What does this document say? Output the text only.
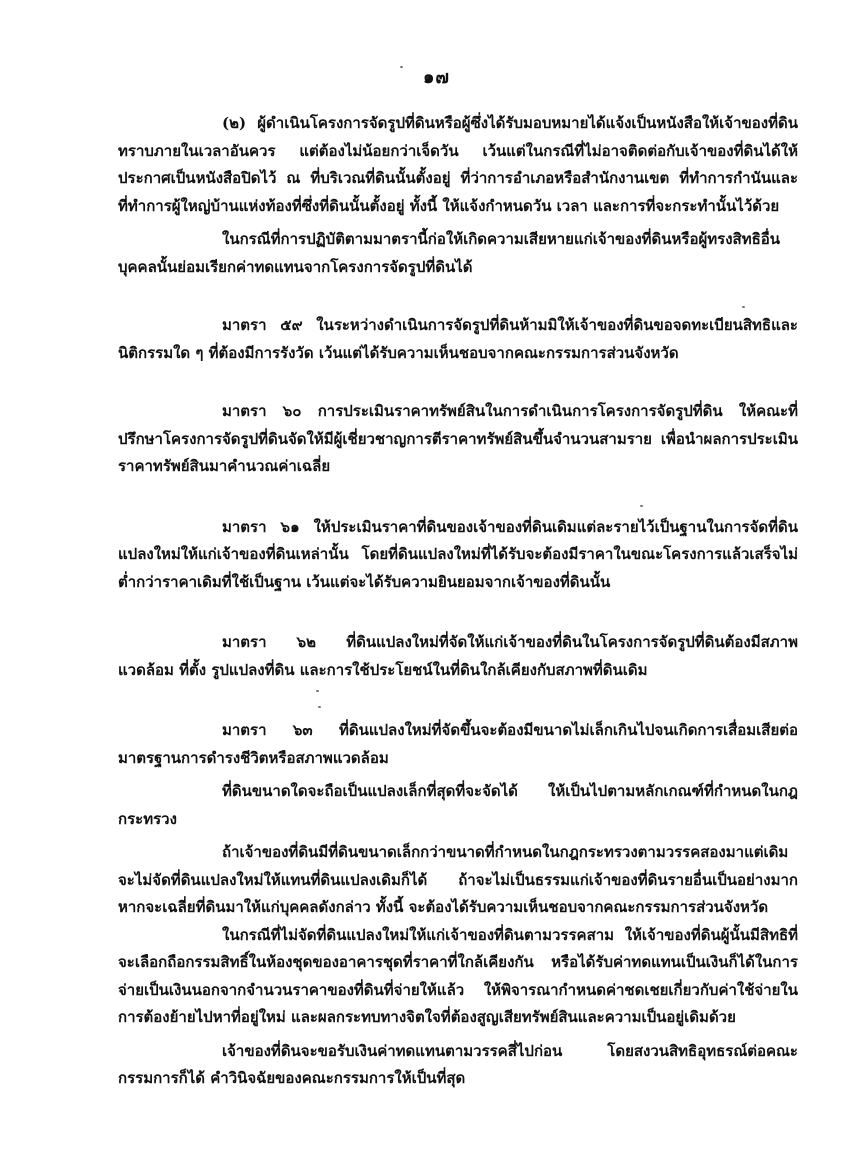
๑๗

(๒) ผู้ดำเนินโครงการจัดรูปที่ดินหรือผู้ซึ่งได้รับมอบหมายได้แจ้งเป็นหนังสือให้เจ้าของที่ดินทราบภายในเวลาอันควร แต่ต้องไม่น้อยกว่าเจ็ดวัน เว้นแต่ในกรณีที่ไม่อาจติดต่อกับเจ้าของที่ดินได้ให้ประกาศเป็นหนังสือปิดไว้ ณ ที่บริเวณที่ดินนั้นตั้งอยู่ ที่ว่าการอำเภอหรือสำนักงานเขต ที่ทำการกำนันและที่ทำการผู้ใหญ่บ้านแห่งท้องที่ซึ่งที่ดินนั้นตั้งอยู่ ทั้งนี้ ให้แจ้งกำหนดวัน เวลา และการที่จะกระทำนั้นไว้ด้วย

ในกรณีที่การปฏิบัติตามมาตรานี้ก่อให้เกิดความเสียหายแก่เจ้าของที่ดินหรือผู้ทรงสิทธิอื่นบุคคลนั้นย่อมเรียกค่าทดแทนจากโครงการจัดรูปที่ดินได้

มาตรา ๕๙ ในระหว่างดำเนินการจัดรูปที่ดินห้ามมิให้เจ้าของที่ดินขอจดทะเบียนสิทธิและนิติกรรมใด ๆ ที่ต้องมีการรังวัด เว้นแต่ได้รับความเห็นชอบจากคณะกรรมการส่วนจังหวัด

มาตรา ๖๐ การประเมินราคาทรัพย์สินในการดำเนินการโครงการจัดรูปที่ดิน ให้คณะที่ปรึกษาโครงการจัดรูปที่ดินจัดให้มีผู้เชี่ยวชาญการตีราคาทรัพย์สินขึ้นจำนวนสามราย เพื่อนำผลการประเมินราคาทรัพย์สินมาคำนวณค่าเฉลี่ย

มาตรา ๖๑ ให้ประเมินราคาที่ดินของเจ้าของที่ดินเดิมแต่ละรายไว้เป็นฐานในการจัดที่ดินแปลงใหม่ให้แก่เจ้าของที่ดินเหล่านั้น โดยที่ดินแปลงใหม่ที่ได้รับจะต้องมีราคาในขณะโครงการแล้วเสร็จไม่ต่ำกว่าราคาเดิมที่ใช้เป็นฐาน เว้นแต่จะได้รับความยินยอมจากเจ้าของที่ดินนั้น

มาตรา ๖๒ ที่ดินแปลงใหม่ที่จัดให้แก่เจ้าของที่ดินในโครงการจัดรูปที่ดินต้องมีสภาพแวดล้อม ที่ตั้ง รูปแปลงที่ดิน และการใช้ประโยชน์ในที่ดินใกล้เคียงกับสภาพที่ดินเดิม

มาตรา ๖๓ ที่ดินแปลงใหม่ที่จัดขึ้นจะต้องมีขนาดไม่เล็กเกินไปจนเกิดการเสื่อมเสียต่อมาตรฐานการดำรงชีวิตหรือสภาพแวดล้อม

ที่ดินขนาดใดจะถือเป็นแปลงเล็กที่สุดที่จะจัดได้ ให้เป็นไปตามหลักเกณฑ์ที่กำหนดในกฎกระทรวง

ถ้าเจ้าของที่ดินมีที่ดินขนาดเล็กกว่าขนาดที่กำหนดในกฎกระทรวงตามวรรคสองมาแต่เดิมจะไม่จัดที่ดินแปลงใหม่ให้แทนที่ดินแปลงเดิมก็ได้ ถ้าจะไม่เป็นธรรมแก่เจ้าของที่ดินรายอื่นเป็นอย่างมากหากจะเฉลี่ยที่ดินมาให้แก่บุคคลดังกล่าว ทั้งนี้ จะต้องได้รับความเห็นชอบจากคณะกรรมการส่วนจังหวัด

ในกรณีที่ไม่จัดที่ดินแปลงใหม่ให้แก่เจ้าของที่ดินตามวรรคสาม ให้เจ้าของที่ดินผู้นั้นมีสิทธิที่จะเลือกถือกรรมสิทธิ์ในห้องชุดของอาคารชุดที่ราคาที่ใกล้เคียงกัน หรือได้รับค่าทดแทนเป็นเงินก็ได้ในการจ่ายเป็นเงินนอกจากจำนวนราคาของที่ดินที่จ่ายให้แล้ว ให้พิจารณากำหนดค่าชดเชยเกี่ยวกับค่าใช้จ่ายในการต้องย้ายไปหาที่อยู่ใหม่ และผลกระทบทางจิตใจที่ต้องสูญเสียทรัพย์สินและความเป็นอยู่เดิมด้วย

เจ้าของที่ดินจะขอรับเงินค่าทดแทนตามวรรคสี่ไปก่อน โดยสงวนสิทธิอุทธรณ์ต่อคณะกรรมการก็ได้ คำวินิจฉัยของคณะกรรมการให้เป็นที่สุด
